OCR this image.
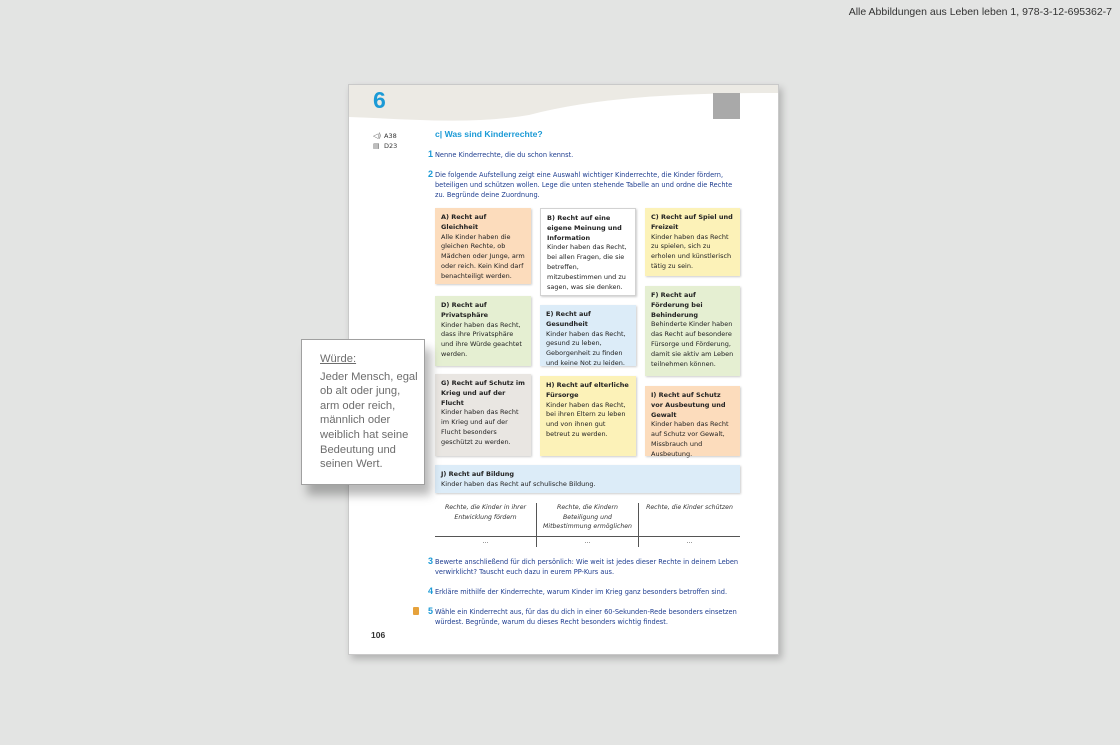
Alle Abbildungen aus Leben leben 1, 978-3-12-695362-7
6
◁) A38
▤ D23
c| Was sind Kinderrechte?
1 Nenne Kinderrechte, die du schon kennst.
2 Die folgende Aufstellung zeigt eine Auswahl wichtiger Kinderrechte, die Kinder fördern, beteiligen und schützen wollen. Lege die unten stehende Tabelle an und ordne die Rechte zu. Begründe deine Zuordnung.
A) Recht auf Gleichheit
Alle Kinder haben die gleichen Rechte, ob Mädchen oder Junge, arm oder reich. Kein Kind darf benachteiligt werden.
D) Recht auf Privatsphäre
Kinder haben das Recht, dass ihre Privatsphäre und ihre Würde geachtet werden.
G) Recht auf Schutz im Krieg und auf der Flucht
Kinder haben das Recht im Krieg und auf der Flucht besonders geschützt zu werden.
B) Recht auf eine eigene Meinung und Information
Kinder haben das Recht, bei allen Fragen, die sie betreffen, mitzubestimmen und zu sagen, was sie denken.
E) Recht auf Gesundheit
Kinder haben das Recht, gesund zu leben, Geborgenheit zu finden und keine Not zu leiden.
H) Recht auf elterliche Fürsorge
Kinder haben das Recht, bei ihren Eltern zu leben und von ihnen gut betreut zu werden.
C) Recht auf Spiel und Freizeit
Kinder haben das Recht zu spielen, sich zu erholen und künstlerisch tätig zu sein.
F) Recht auf Förderung bei Behinderung
Behinderte Kinder haben das Recht auf besondere Fürsorge und Förderung, damit sie aktiv am Leben teilnehmen können.
I) Recht auf Schutz vor Ausbeutung und Gewalt
Kinder haben das Recht auf Schutz vor Gewalt, Missbrauch und Ausbeutung.
J) Recht auf Bildung
Kinder haben das Recht auf schulische Bildung.
Rechte, die Kinder in ihrer Entwicklung fördern
Rechte, die Kindern Beteiligung und Mitbestimmung ermöglichen
Rechte, die Kinder schützen
...	...	...
3 Bewerte anschließend für dich persönlich: Wie weit ist jedes dieser Rechte in deinem Leben verwirklicht? Tauscht euch dazu in eurem PP-Kurs aus.
4 Erkläre mithilfe der Kinderrechte, warum Kinder im Krieg ganz besonders betroffen sind.
5 Wähle ein Kinderrecht aus, für das du dich in einer 60-Sekunden-Rede besonders einsetzen würdest. Begründe, warum du dieses Recht besonders wichtig findest.
106
Würde:
Jeder Mensch, egal ob alt oder jung, arm oder reich, männlich oder weiblich hat seine Bedeutung und seinen Wert.
